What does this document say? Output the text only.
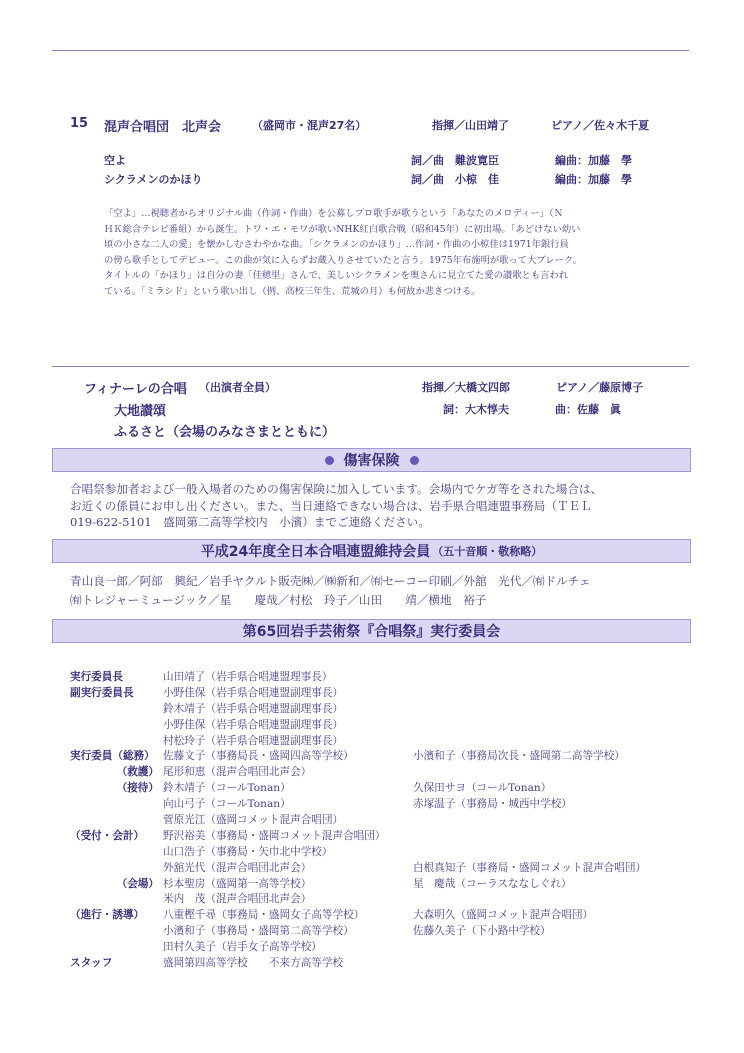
15 混声合唱団　北声会	（盛岡市・混声27名）	指揮／山田靖了	ピアノ／佐々木千夏
空よ	詞／曲　難波寛臣	編曲：加藤　學
シクラメンのかほり	詞／曲　小椋　佳	編曲：加藤　學
「空よ」…視聴者からオリジナル曲（作詞・作曲）を公募しプロ歌手が歌うという「あなたのメロディー」（Ｎ
ＨＫ総合テレビ番組）から誕生。トワ・エ・モワが歌いNHK紅白歌合戦（昭和45年）に初出場。「あどけない幼い
頃の小さな二人の愛」を懐かしむさわやかな曲。「シクラメンのかほり」…作詞・作曲の小椋佳は1971年銀行員
の傍ら歌手としてデビュー。この曲が気に入らずお蔵入りさせていたと言う。1975年布施明が歌って大ブレーク。
タイトルの「かほり」は自分の妻「佳穂里」さんで、美しいシクラメンを奥さんに見立てた愛の讃歌とも言われ
ている。「ミラシド」という歌い出し（例、高校三年生、荒城の月）も何故か悲きつける。
フィナーレの合唱 （出演者全員）	指揮／大橋文四郎	ピアノ／藤原博子
大地讃頌	詞：大木惇夫	曲：佐藤　眞
ふるさと（会場のみなさまとともに）
傷害保険
合唱祭参加者および一般入場者のための傷害保険に加入しています。会場内でケガ等をされた場合は、
お近くの係員にお申し出ください。また、当日連絡できない場合は、岩手県合唱連盟事務局（ＴＥＬ
019-622-5101　盛岡第二高等学校内　小濱）までご連絡ください。
平成24年度全日本合唱連盟維持会員 （五十音順・敬称略）
青山良一郎／阿部　興紀／岩手ヤクルト販売㈱／㈱新和／㈲セーコー印刷／外舘　光代／㈲ドルチェ
㈲トレジャーミュージック／星　　慶哉／村松　玲子／山田　　靖／横地　裕子
第65回岩手芸術祭『合唱祭』実行委員会
実行委員長	山田靖了（岩手県合唱連盟理事長）
副実行委員長	小野佳保（岩手県合唱連盟副理事長）
鈴木靖子（岩手県合唱連盟副理事長）
小野佳保（岩手県合唱連盟副理事長）
村松玲子（岩手県合唱連盟副理事長）
実行委員（総務） 佐藤文子（事務局長・盛岡四高等学校）	小濱和子（事務局次長・盛岡第二高等学校）
（救護） 尾形和恵（混声合唱団北声会）
（接待） 鈴木靖子（コールTonan）	久保田サヨ（コールTonan）
向山弓子（コールTonan）	赤塚温子（事務局・城西中学校）
菅原光江（盛岡コメット混声合唱団）
（受付・会計）	野沢裕美（事務局・盛岡コメット混声合唱団）
山口浩子（事務局・矢巾北中学校）
外舘光代（混声合唱団北声会）	白根真知子（事務局・盛岡コメット混声合唱団）
（会場） 杉本聖房（盛岡第一高等学校）	星　慶哉（コーラスななしぐれ）
米内　茂（混声合唱団北声会）
（進行・誘導）	八重樫千尋（事務局・盛岡女子高等学校）	大森明久（盛岡コメット混声合唱団）
小濱和子（事務局・盛岡第二高等学校）	佐藤久美子（下小路中学校）
田村久美子（岩手女子高等学校）
スタッフ	盛岡第四高等学校　　不来方高等学校
